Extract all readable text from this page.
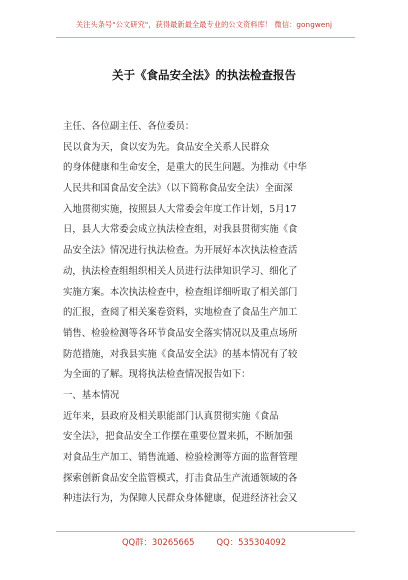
关注头条号"公文研究"，获得最新最全最专业的公文资料库！ 微信：gongwenj
关于《食品安全法》的执法检查报告
主任、各位副主任、各位委员：
民以食为天，食以安为先。食品安全关系人民群众
的身体健康和生命安全，是重大的民生问题。为推动《中华
人民共和国食品安全法》（以下简称食品安全法）全面深
入地贯彻实施，按照县人大常委会年度工作计划，5月17
日，县人大常委会成立执法检查组，对我县贯彻实施《食
品安全法》情况进行执法检查。为开展好本次执法检查活
动，执法检查组组织相关人员进行法律知识学习、细化了
实施方案。本次执法检查中，检查组详细听取了相关部门
的汇报，查阅了相关案卷资料，实地检查了食品生产加工
销售、检验检测等各环节食品安全落实情况以及重点场所
防范措施，对我县实施《食品安全法》的基本情况有了较
为全面的了解。现将执法检查情况报告如下：
一、基本情况
近年来，县政府及相关职能部门认真贯彻实施《食品
安全法》，把食品安全工作摆在重要位置来抓，不断加强
对食品生产加工、销售流通、检验检测等方面的监督管理
探索创新食品安全监管模式，打击食品生产流通领域的各
种违法行为，为保障人民群众身体健康，促进经济社会又
QQ群：30265665	QQ：535304092
